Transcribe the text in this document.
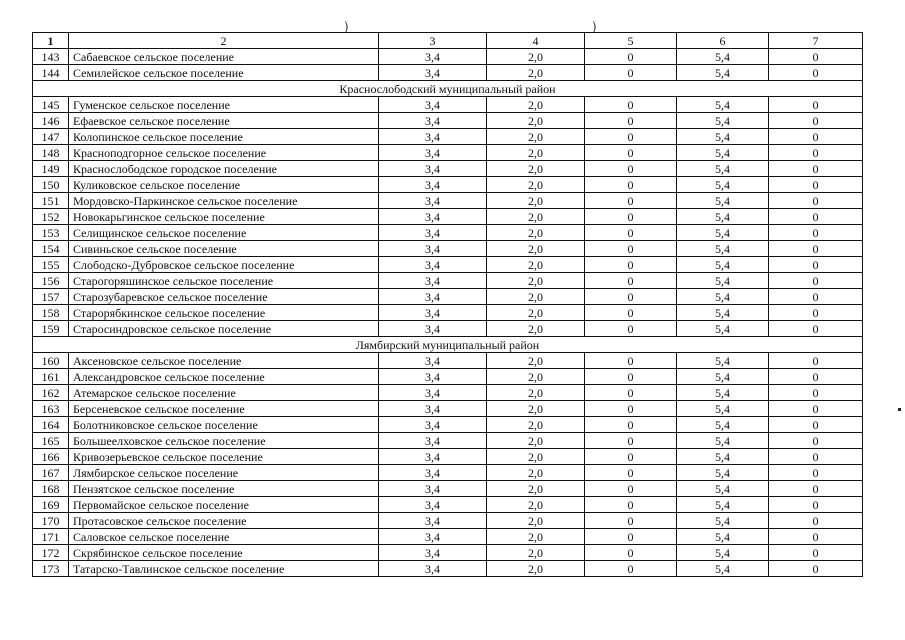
)	)
1	2	3	4	5	6	7
143	Сабаевское сельское поселение	3,4	2,0	0	5,4	0
144	Семилейское сельское поселение	3,4	2,0	0	5,4	0
Краснослободский муниципальный район						
145	Гуменское сельское поселение	3,4	2,0	0	5,4	0
146	Ефаевское сельское поселение	3,4	2,0	0	5,4	0
147	Колопинское сельское поселение	3,4	2,0	0	5,4	0
148	Красноподгорное сельское поселение	3,4	2,0	0	5,4	0
149	Краснослободское городское поселение	3,4	2,0	0	5,4	0
150	Куликовское сельское поселение	3,4	2,0	0	5,4	0
151	Мордовско-Паркинское сельское поселение	3,4	2,0	0	5,4	0
152	Новокарьгинское сельское поселение	3,4	2,0	0	5,4	0
153	Селищинское сельское поселение	3,4	2,0	0	5,4	0
154	Сивиньское сельское поселение	3,4	2,0	0	5,4	0
155	Слободско-Дубровское сельское поселение	3,4	2,0	0	5,4	0
156	Старогоряшинское сельское поселение	3,4	2,0	0	5,4	0
157	Старозубаревское сельское поселение	3,4	2,0	0	5,4	0
158	Старорябкинское сельское поселение	3,4	2,0	0	5,4	0
159	Старосиндровское сельское поселение	3,4	2,0	0	5,4	0
Лямбирский муниципальный район						
160	Аксеновское сельское поселение	3,4	2,0	0	5,4	0
161	Александровское сельское поселение	3,4	2,0	0	5,4	0
162	Атемарское сельское поселение	3,4	2,0	0	5,4	0
163	Берсеневское сельское поселение	3,4	2,0	0	5,4	0
164	Болотниковское сельское поселение	3,4	2,0	0	5,4	0
165	Большеелховское сельское поселение	3,4	2,0	0	5,4	0
166	Кривозерьевское сельское поселение	3,4	2,0	0	5,4	0
167	Лямбирское сельское поселение	3,4	2,0	0	5,4	0
168	Пензятское сельское поселение	3,4	2,0	0	5,4	0
169	Первомайское сельское поселение	3,4	2,0	0	5,4	0
170	Протасовское сельское поселение	3,4	2,0	0	5,4	0
171	Саловское сельское поселение	3,4	2,0	0	5,4	0
172	Скрябинское сельское поселение	3,4	2,0	0	5,4	0
173	Татарско-Тавлинское сельское поселение	3,4	2,0	0	5,4	0
